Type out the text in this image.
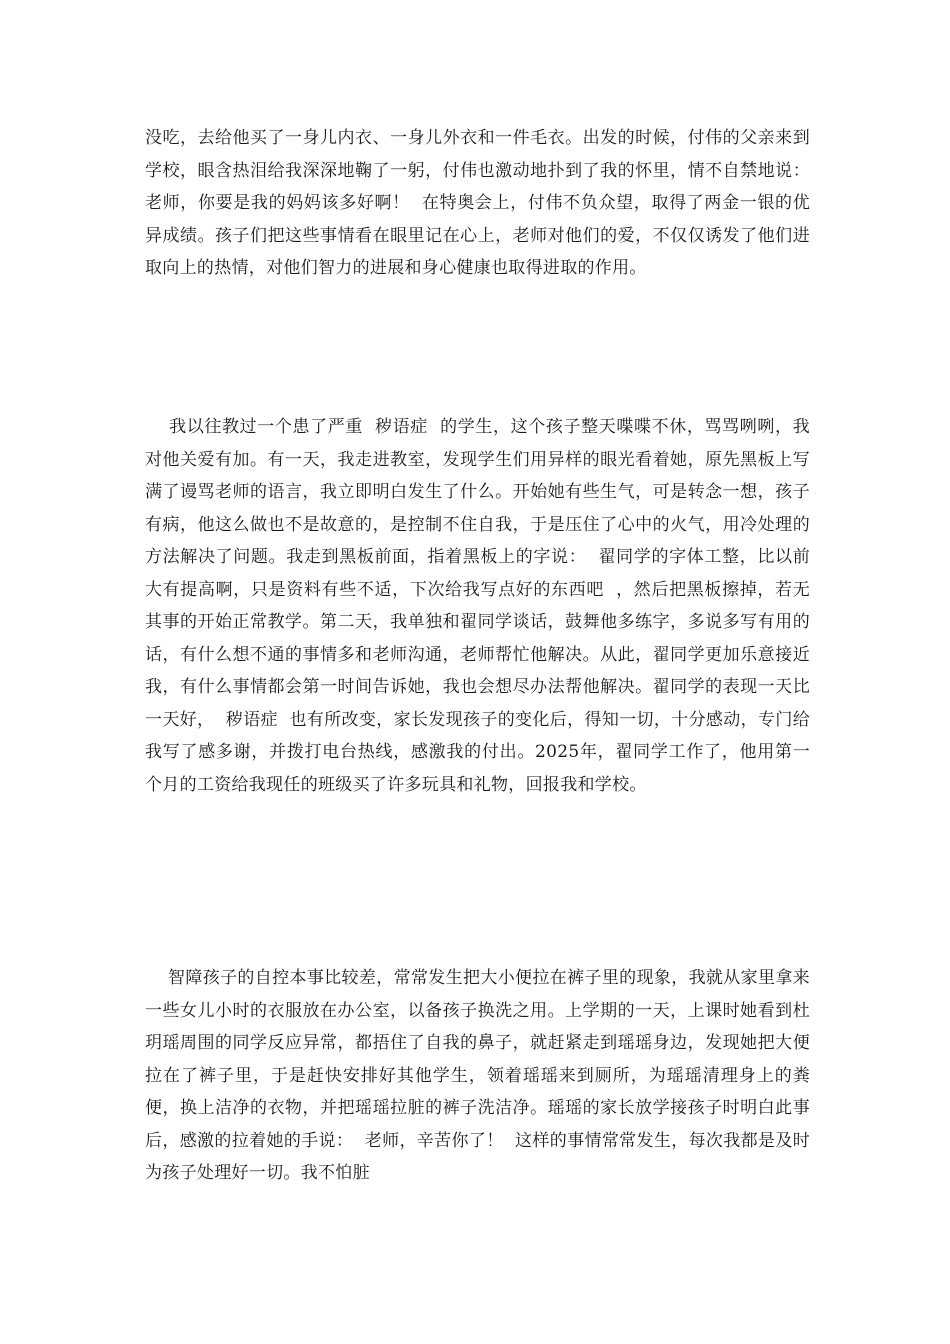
没吃，去给他买了一身儿内衣、一身儿外衣和一件毛衣。出发的时候，付伟的父亲来到学校，眼含热泪给我深深地鞠了一躬，付伟也激动地扑到了我的怀里，情不自禁地说：  老师，你要是我的妈妈该多好啊！  在特奥会上，付伟不负众望，取得了两金一银的优异成绩。孩子们把这些事情看在眼里记在心上，老师对他们的爱，不仅仅诱发了他们进取向上的热情，对他们智力的进展和身心健康也取得进取的作用。

我以往教过一个患了严重  秽语症  的学生，这个孩子整天喋喋不休，骂骂咧咧，我对他关爱有加。有一天，我走进教室，发现学生们用异样的眼光看着她，原先黑板上写满了谩骂老师的语言，我立即明白发生了什么。开始她有些生气，可是转念一想，孩子有病，他这么做也不是故意的，是控制不住自我，于是压住了心中的火气，用冷处理的方法解决了问题。我走到黑板前面，指着黑板上的字说：  翟同学的字体工整，比以前大有提高啊，只是资料有些不适，下次给我写点好的东西吧  ，然后把黑板擦掉，若无其事的开始正常教学。第二天，我单独和翟同学谈话，鼓舞他多练字，多说多写有用的话，有什么想不通的事情多和老师沟通，老师帮忙他解决。从此，翟同学更加乐意接近我，有什么事情都会第一时间告诉她，我也会想尽办法帮他解决。翟同学的表现一天比一天好，  秽语症  也有所改变，家长发现孩子的变化后，得知一切，十分感动，专门给我写了感多谢，并拨打电台热线，感激我的付出。2025年，翟同学工作了，他用第一个月的工资给我现任的班级买了许多玩具和礼物，回报我和学校。

智障孩子的自控本事比较差，常常发生把大小便拉在裤子里的现象，我就从家里拿来一些女儿小时的衣服放在办公室，以备孩子换洗之用。上学期的一天，上课时她看到杜玥瑶周围的同学反应异常，都捂住了自我的鼻子，就赶紧走到瑶瑶身边，发现她把大便拉在了裤子里，于是赶快安排好其他学生，领着瑶瑶来到厕所，为瑶瑶清理身上的粪便，换上洁净的衣物，并把瑶瑶拉脏的裤子洗洁净。瑶瑶的家长放学接孩子时明白此事后，感激的拉着她的手说：  老师，辛苦你了！  这样的事情常常发生，每次我都是及时为孩子处理好一切。我不怕脏
